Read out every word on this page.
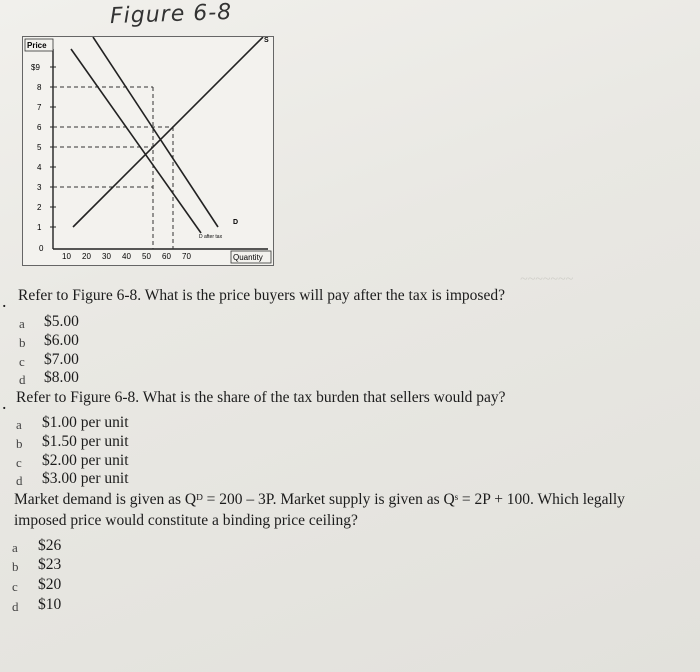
Figure 6-8
Price
Quantity
$9
8
7
6
5
4
3
2
1
0
10 20 30 40 50 60 70
S
D
D after tax
~~~~~~~
. Refer to Figure 6-8. What is the price buyers will pay after the tax is imposed?
a $5.00
b $6.00
c $7.00
d $8.00
. Refer to Figure 6-8. What is the share of the tax burden that sellers would pay?
a $1.00 per unit
b $1.50 per unit
c $2.00 per unit
d $3.00 per unit
Market demand is given as Qᴰ = 200 – 3P. Market supply is given as Qˢ = 2P + 100. Which legally
imposed price would constitute a binding price ceiling?
a $26
b $23
c $20
d $10
